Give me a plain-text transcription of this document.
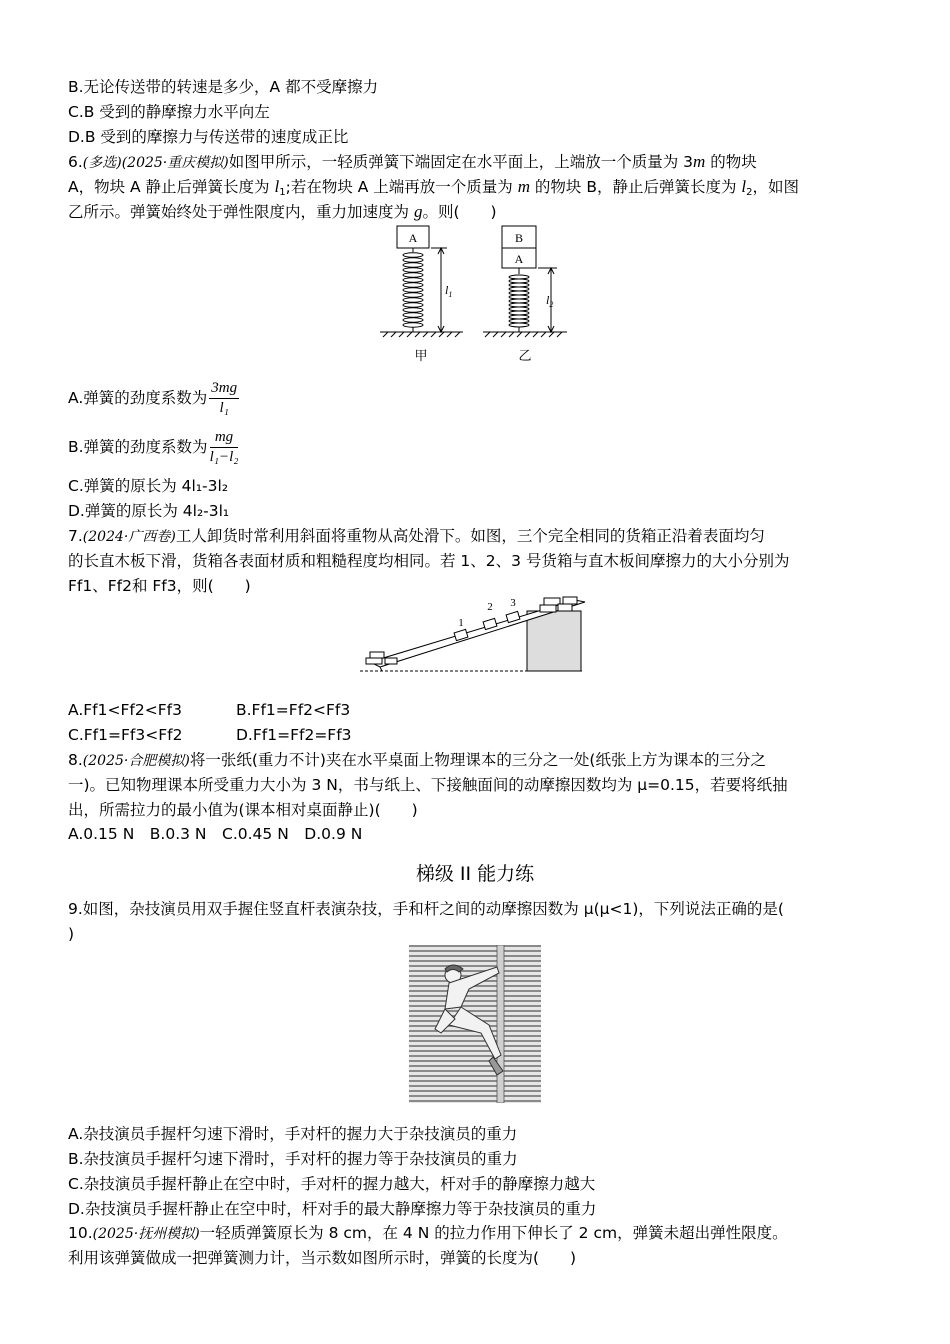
B.无论传送带的转速是多少，A 都不受摩擦力
C.B 受到的静摩擦力水平向左
D.B 受到的摩擦力与传送带的速度成正比
6.(多选)(2025·重庆模拟)如图甲所示，一轻质弹簧下端固定在水平面上，上端放一个质量为 3m 的物块
A，物块 A 静止后弹簧长度为 $l_1$;若在物块 A 上端再放一个质量为 m 的物块 B，静止后弹簧长度为 $l_2$，如图
乙所示。弹簧始终处于弹性限度内，重力加速度为 g。则(　　)
A
$l_1$
甲
B
A
$l_2$
乙
A.弹簧的劲度系数为 $\frac{3mg}{\text{l₁}}$
B.弹簧的劲度系数为 $\frac{mg}{\text{l₁−l₂}}$
C.弹簧的原长为 4l₁-3l₂
D.弹簧的原长为 4l₂-3l₁
7.(2024·广西卷)工人卸货时常利用斜面将重物从高处滑下。如图，三个完全相同的货箱正沿着表面均匀
的长直木板下滑，货箱各表面材质和粗糙程度均相同。若 1、2、3 号货箱与直木板间摩擦力的大小分别为
Ff1、Ff2和 Ff3，则(　　)
1
2 3
A.Ff1<Ff2<Ff3	B.Ff1=Ff2<Ff3
C.Ff1=Ff3<Ff2	D.Ff1=Ff2=Ff3
8.(2025·合肥模拟)将一张纸(重力不计)夹在水平桌面上物理课本的三分之一处(纸张上方为课本的三分之
一)。已知物理课本所受重力大小为 3 N，书与纸上、下接触面间的动摩擦因数均为 μ=0.15，若要将纸抽
出，所需拉力的最小值为(课本相对桌面静止)(　　)
A.0.15 N　B.0.3 N　C.0.45 N　D.0.9 N
梯级 II 能力练
9.如图，杂技演员用双手握住竖直杆表演杂技，手和杆之间的动摩擦因数为 μ(μ<1)，下列说法正确的是(
)
A.杂技演员手握杆匀速下滑时，手对杆的握力大于杂技演员的重力
B.杂技演员手握杆匀速下滑时，手对杆的握力等于杂技演员的重力
C.杂技演员手握杆静止在空中时，手对杆的握力越大，杆对手的静摩擦力越大
D.杂技演员手握杆静止在空中时，杆对手的最大静摩擦力等于杂技演员的重力
10.(2025·抚州模拟)一轻质弹簧原长为 8 cm，在 4 N 的拉力作用下伸长了 2 cm，弹簧未超出弹性限度。
利用该弹簧做成一把弹簧测力计，当示数如图所示时，弹簧的长度为(　　)
